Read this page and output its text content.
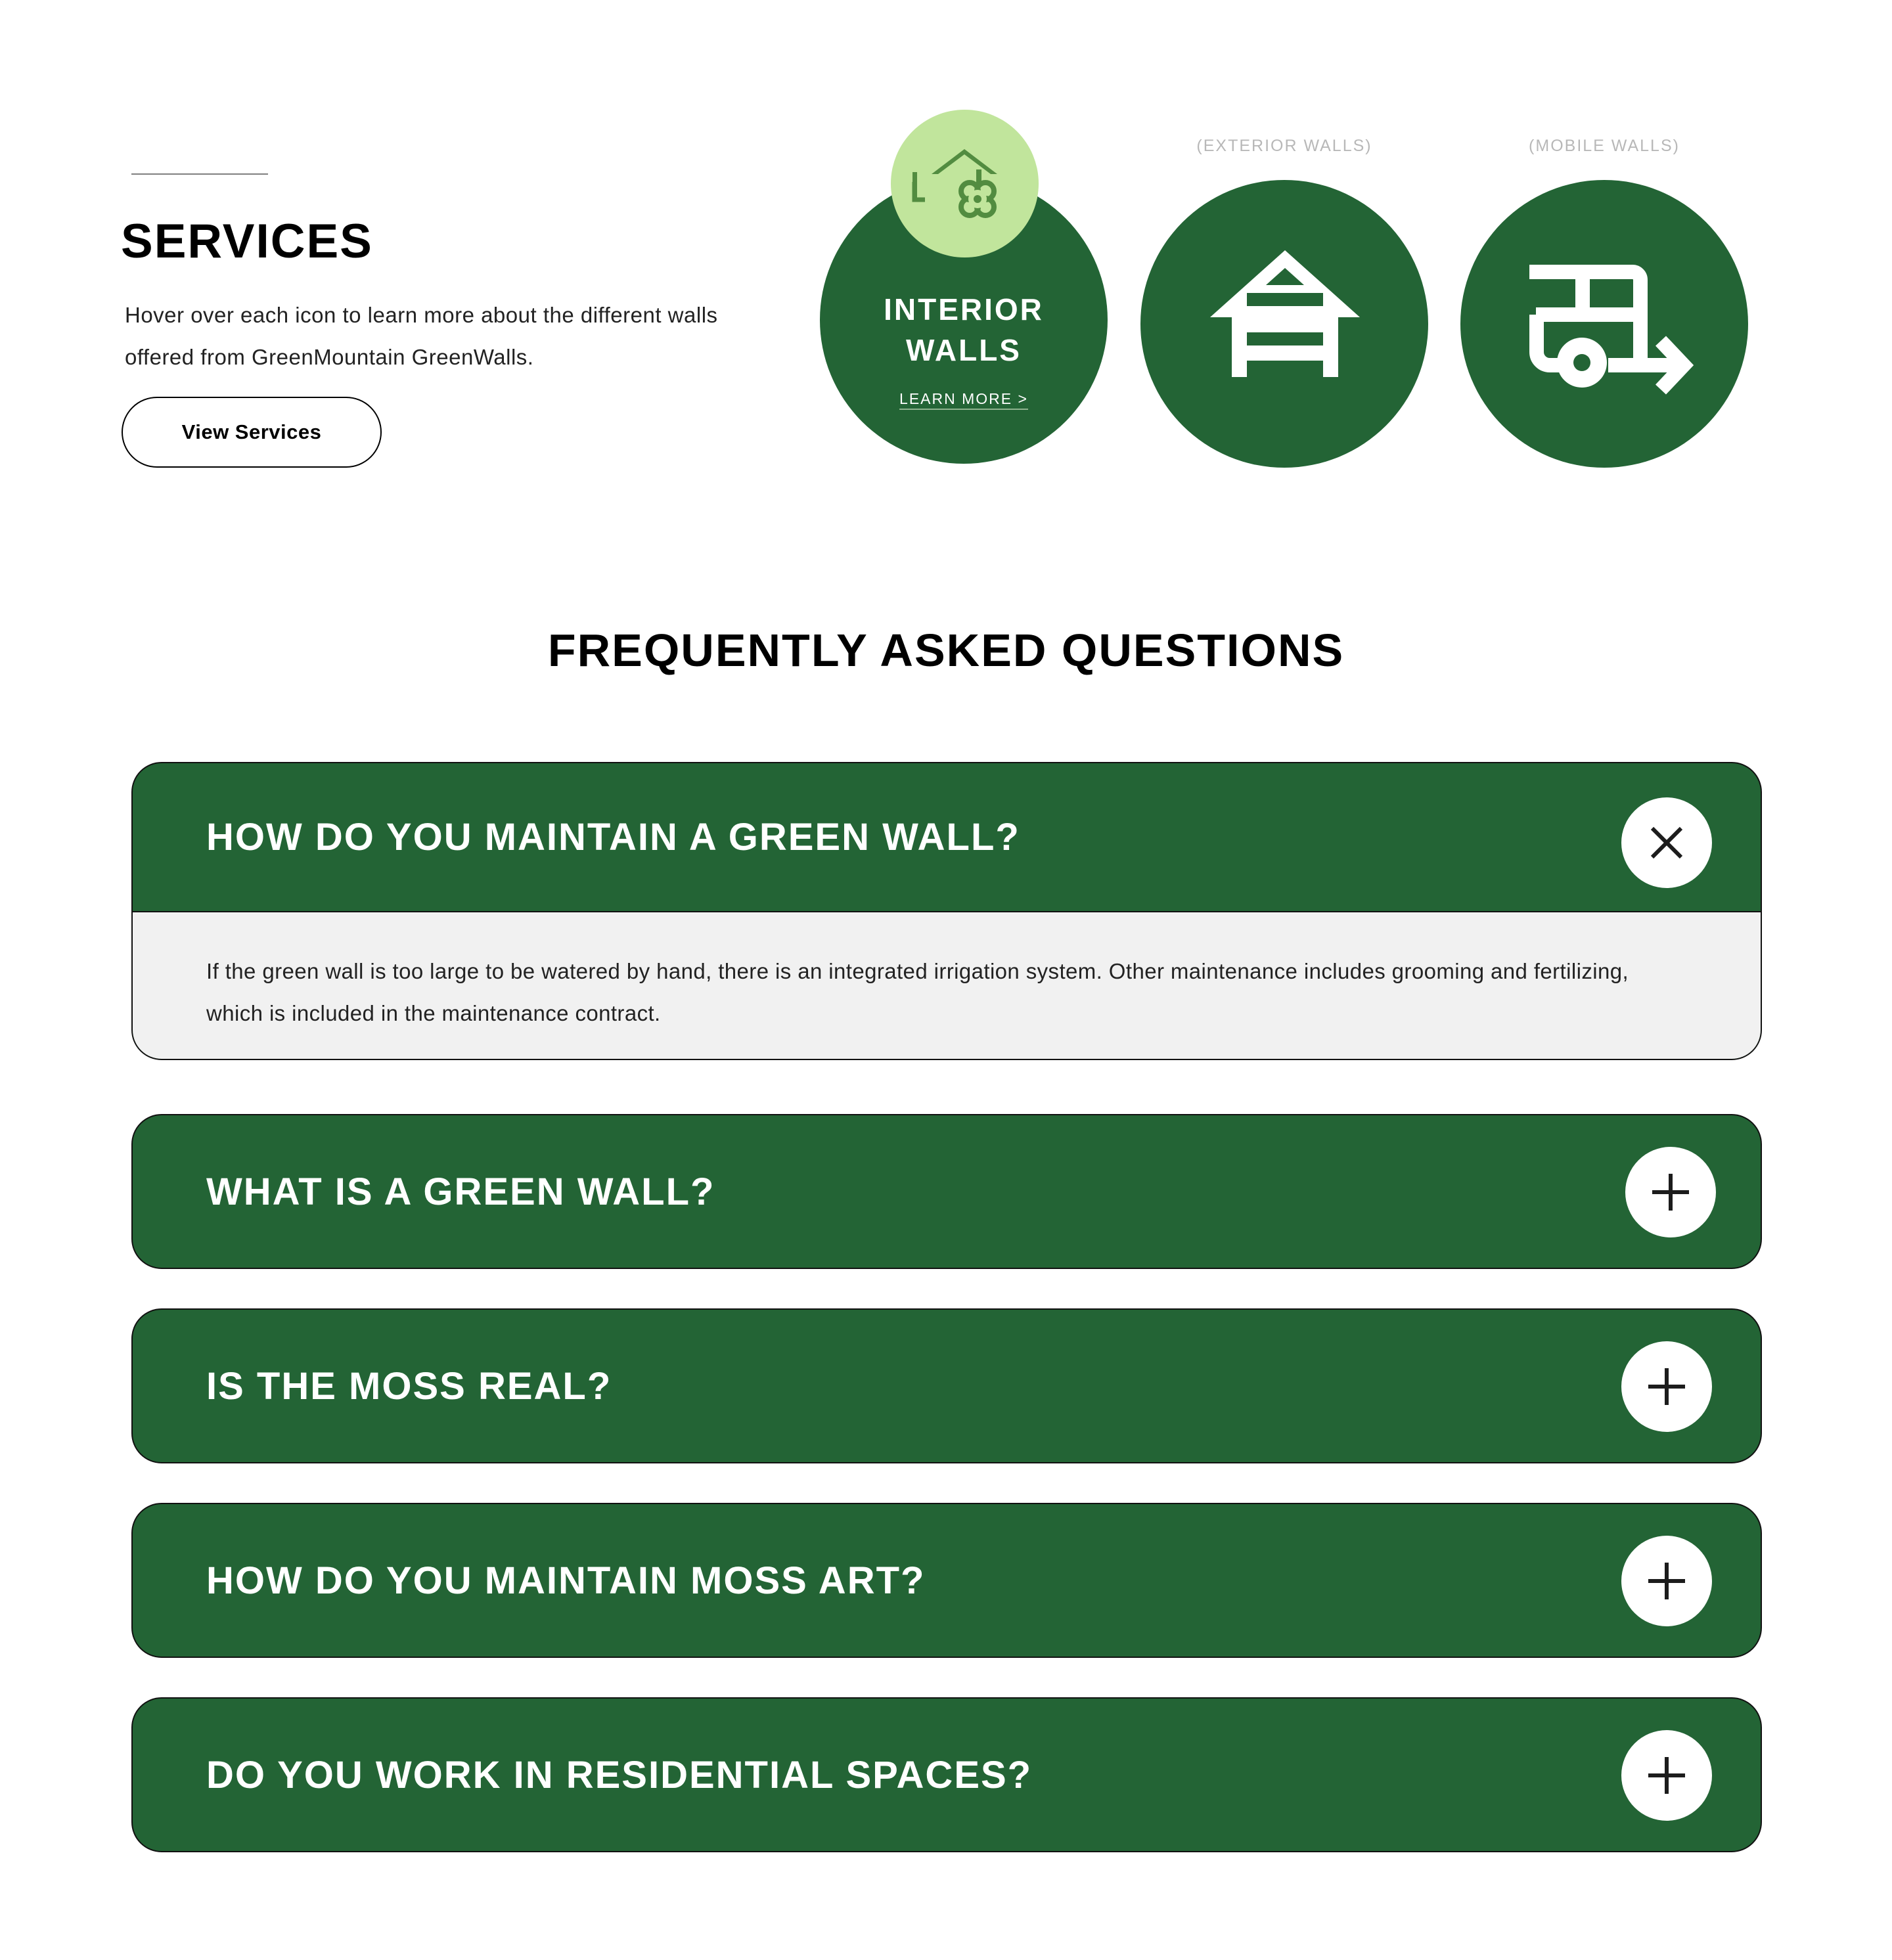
SERVICES
Hover over each icon to learn more about the different walls offered from GreenMountain GreenWalls.
View Services
INTERIOR
WALLS
LEARN MORE >
(EXTERIOR WALLS)	(MOBILE WALLS)
FREQUENTLY ASKED QUESTIONS
HOW DO YOU MAINTAIN A GREEN WALL?
If the green wall is too large to be watered by hand, there is an integrated irrigation system. Other maintenance includes grooming and fertilizing, which is included in the maintenance contract.
WHAT IS A GREEN WALL?
IS THE MOSS REAL?
HOW DO YOU MAINTAIN MOSS ART?
DO YOU WORK IN RESIDENTIAL SPACES?
